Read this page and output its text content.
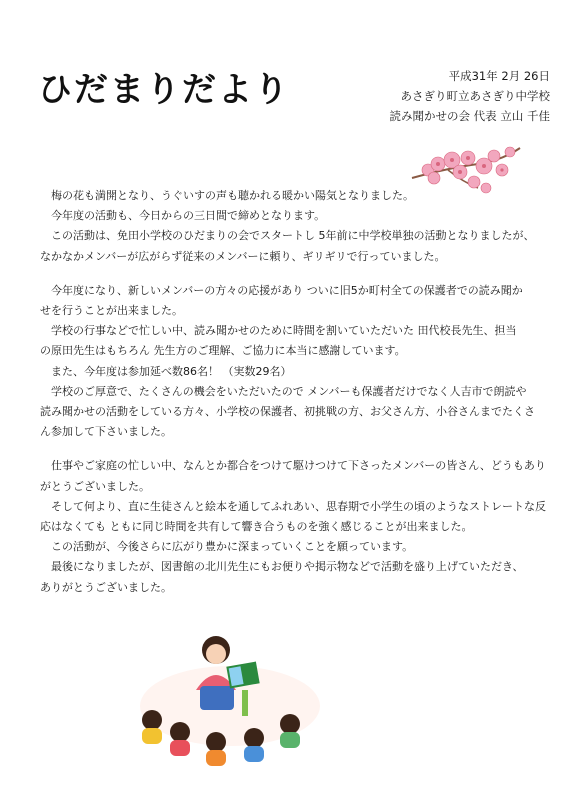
ひだまりだより	平成31年 2月 26日
あさぎり町立あさぎり中学校
読み聞かせの会 代表 立山 千佳

梅の花も満開となり、うぐいすの声も聴かれる暖かい陽気となりました。

今年度の活動も、今日からの三日間で締めとなります。

この活動は、免田小学校のひだまりの会でスタートし 5年前に中学校単独の活動となりましたが、

なかなかメンバーが広がらず従来のメンバーに頼り、ギリギリで行っていました。

今年度になり、新しいメンバーの方々の応援があり ついに旧5か町村全ての保護者での読み聞か

せを行うことが出来ました。

学校の行事などで忙しい中、読み聞かせのために時間を割いていただいた 田代校長先生、担当

の原田先生はもちろん 先生方のご理解、ご協力に本当に感謝しています。

また、今年度は参加延べ数86名！ （実数29名）

学校のご厚意で、たくさんの機会をいただいたので メンバーも保護者だけでなく人吉市で朗読や

読み聞かせの活動をしている方々、小学校の保護者、初挑戦の方、お父さん方、小谷さんまでたくさ

ん参加して下さいました。

仕事やご家庭の忙しい中、なんとか都合をつけて駆けつけて下さったメンバーの皆さん、どうもあり

がとうございました。

そして何より、直に生徒さんと絵本を通してふれあい、思春期で小学生の頃のようなストレートな反

応はなくても ともに同じ時間を共有して響き合うものを強く感じることが出来ました。

この活動が、今後さらに広がり豊かに深まっていくことを願っています。

最後になりましたが、図書館の北川先生にもお便りや掲示物などで活動を盛り上げていただき、

ありがとうございました。
